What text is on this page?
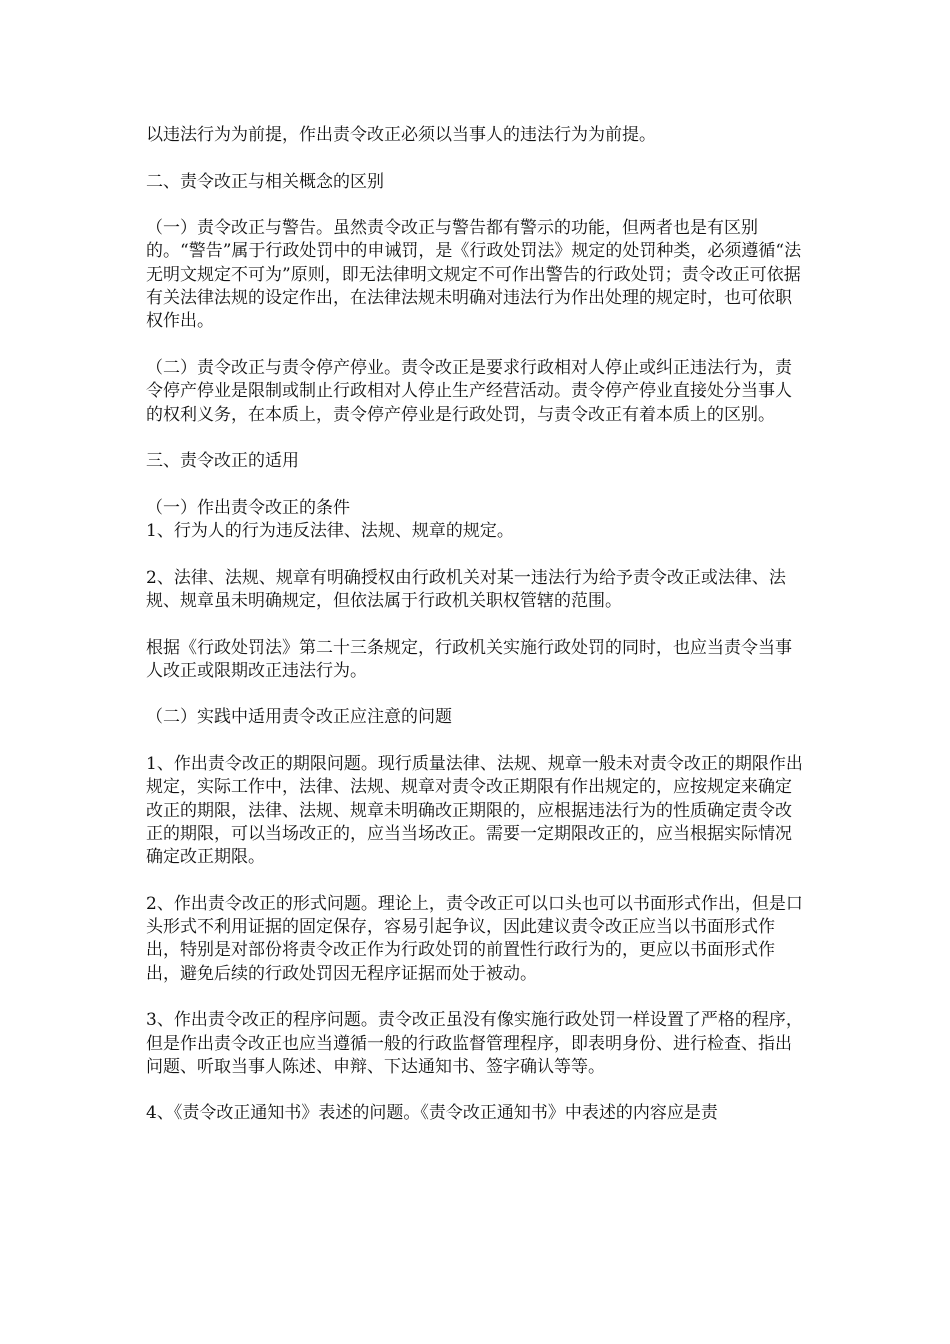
以违法行为为前提，作出责令改正必须以当事人的违法行为为前提。

二、责令改正与相关概念的区别

（一）责令改正与警告。虽然责令改正与警告都有警示的功能，但两者也是有区别的。“警告”属于行政处罚中的申诫罚，是《行政处罚法》规定的处罚种类，必须遵循“法无明文规定不可为”原则，即无法律明文规定不可作出警告的行政处罚；责令改正可依据有关法律法规的设定作出，在法律法规未明确对违法行为作出处理的规定时，也可依职权作出。

（二）责令改正与责令停产停业。责令改正是要求行政相对人停止或纠正违法行为，责令停产停业是限制或制止行政相对人停止生产经营活动。责令停产停业直接处分当事人的权利义务，在本质上，责令停产停业是行政处罚，与责令改正有着本质上的区别。

三、责令改正的适用

（一）作出责令改正的条件

1、行为人的行为违反法律、法规、规章的规定。

2、法律、法规、规章有明确授权由行政机关对某一违法行为给予责令改正或法律、法规、规章虽未明确规定，但依法属于行政机关职权管辖的范围。

根据《行政处罚法》第二十三条规定，行政机关实施行政处罚的同时，也应当责令当事人改正或限期改正违法行为。

（二）实践中适用责令改正应注意的问题

1、作出责令改正的期限问题。现行质量法律、法规、规章一般未对责令改正的期限作出规定，实际工作中，法律、法规、规章对责令改正期限有作出规定的，应按规定来确定改正的期限，法律、法规、规章未明确改正期限的，应根据违法行为的性质确定责令改正的期限，可以当场改正的，应当当场改正。需要一定期限改正的，应当根据实际情况确定改正期限。

2、作出责令改正的形式问题。理论上，责令改正可以口头也可以书面形式作出，但是口头形式不利用证据的固定保存，容易引起争议，因此建议责令改正应当以书面形式作出，特别是对部份将责令改正作为行政处罚的前置性行政行为的，更应以书面形式作出，避免后续的行政处罚因无程序证据而处于被动。

3、作出责令改正的程序问题。责令改正虽没有像实施行政处罚一样设置了严格的程序，但是作出责令改正也应当遵循一般的行政监督管理程序，即表明身份、进行检查、指出问题、听取当事人陈述、申辩、下达通知书、签字确认等等。

4、《责令改正通知书》表述的问题。《责令改正通知书》中表述的内容应是责
